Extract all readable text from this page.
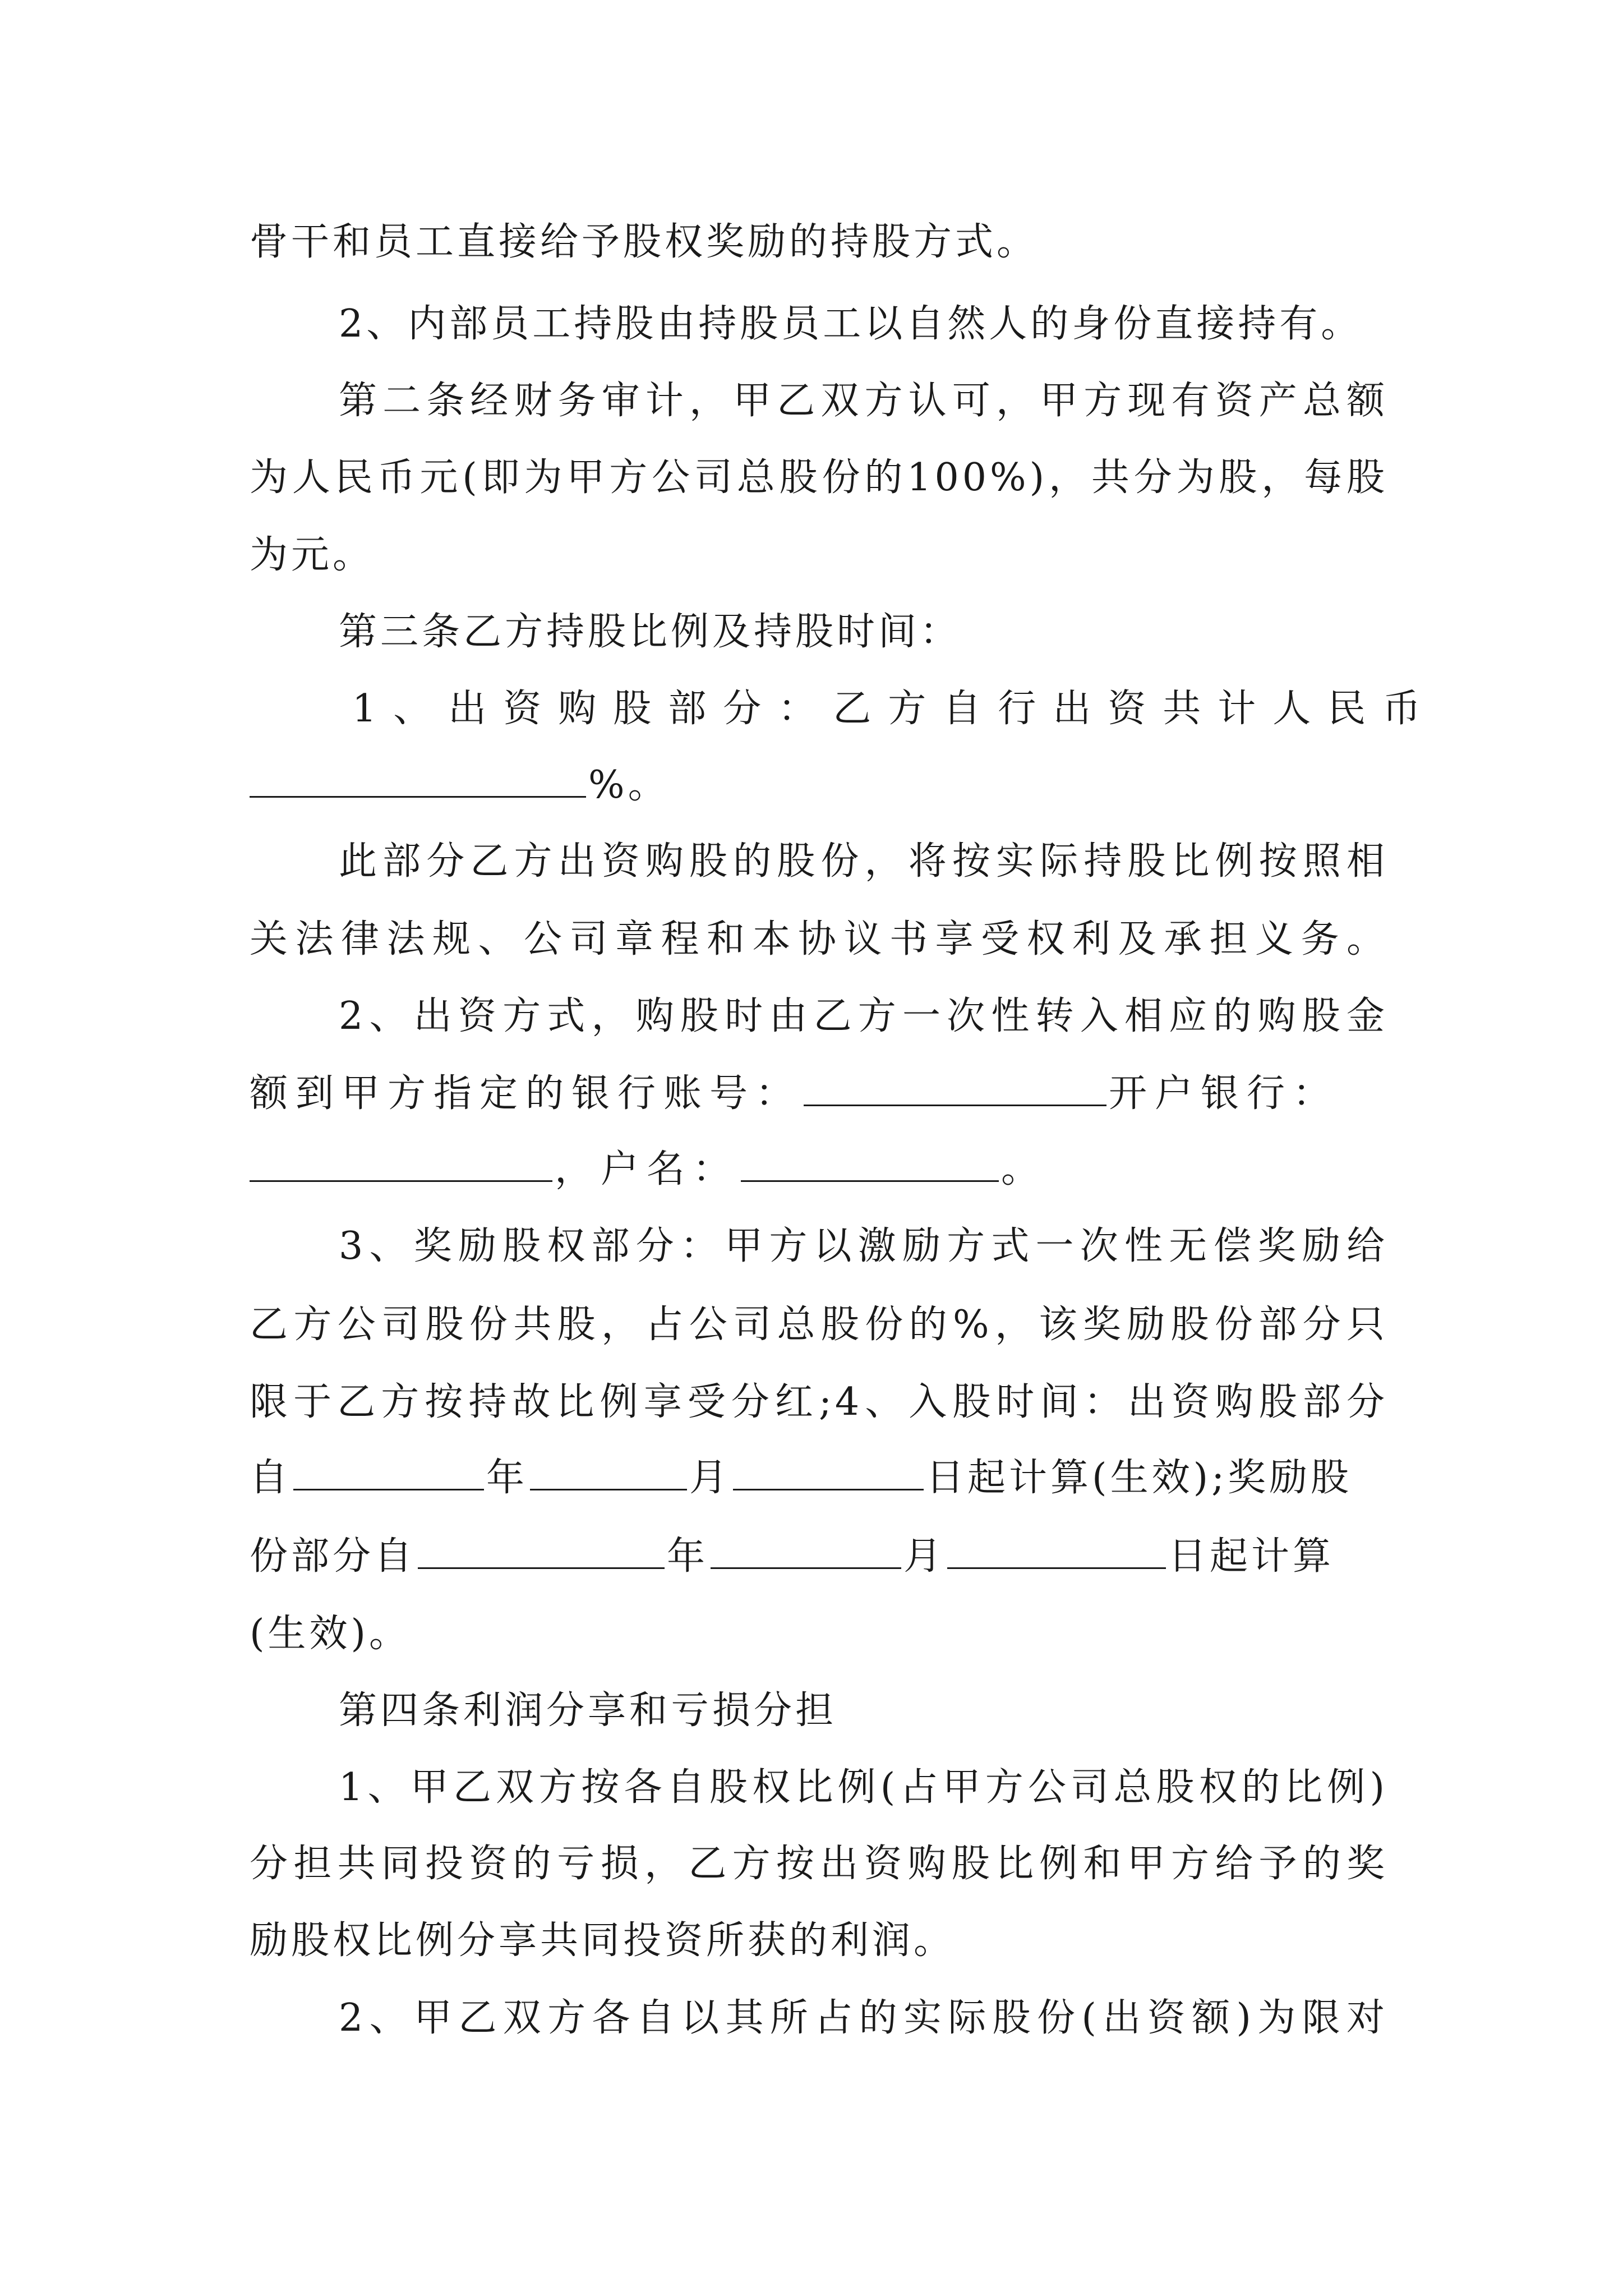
骨干和员工直接给予股权奖励的持股方式。
2、内部员工持股由持股员工以自然人的身份直接持有。
第二条经财务审计，甲乙双方认可，甲方现有资产总额
为人民币元(即为甲方公司总股份的100%)，共分为股，每股
为元。
第三条乙方持股比例及持股时间：
1、出资购股部分：乙方自行出资共计人民币
%。
此部分乙方出资购股的股份，将按实际持股比例按照相
关法律法规、公司章程和本协议书享受权利及承担义务。
2、出资方式，购股时由乙方一次性转入相应的购股金
额到甲方指定的银行账号：	开户银行：
，户名：	。
3、奖励股权部分：甲方以激励方式一次性无偿奖励给
乙方公司股份共股，占公司总股份的%，该奖励股份部分只
限于乙方按持故比例享受分红;4、入股时间：出资购股部分
自	年	月	日起计算(生效);奖励股
份部分自	年	月	日起计算
(生效)。
第四条利润分享和亏损分担
1、甲乙双方按各自股权比例(占甲方公司总股权的比例)
分担共同投资的亏损，乙方按出资购股比例和甲方给予的奖
励股权比例分享共同投资所获的利润。
2、甲乙双方各自以其所占的实际股份(出资额)为限对
